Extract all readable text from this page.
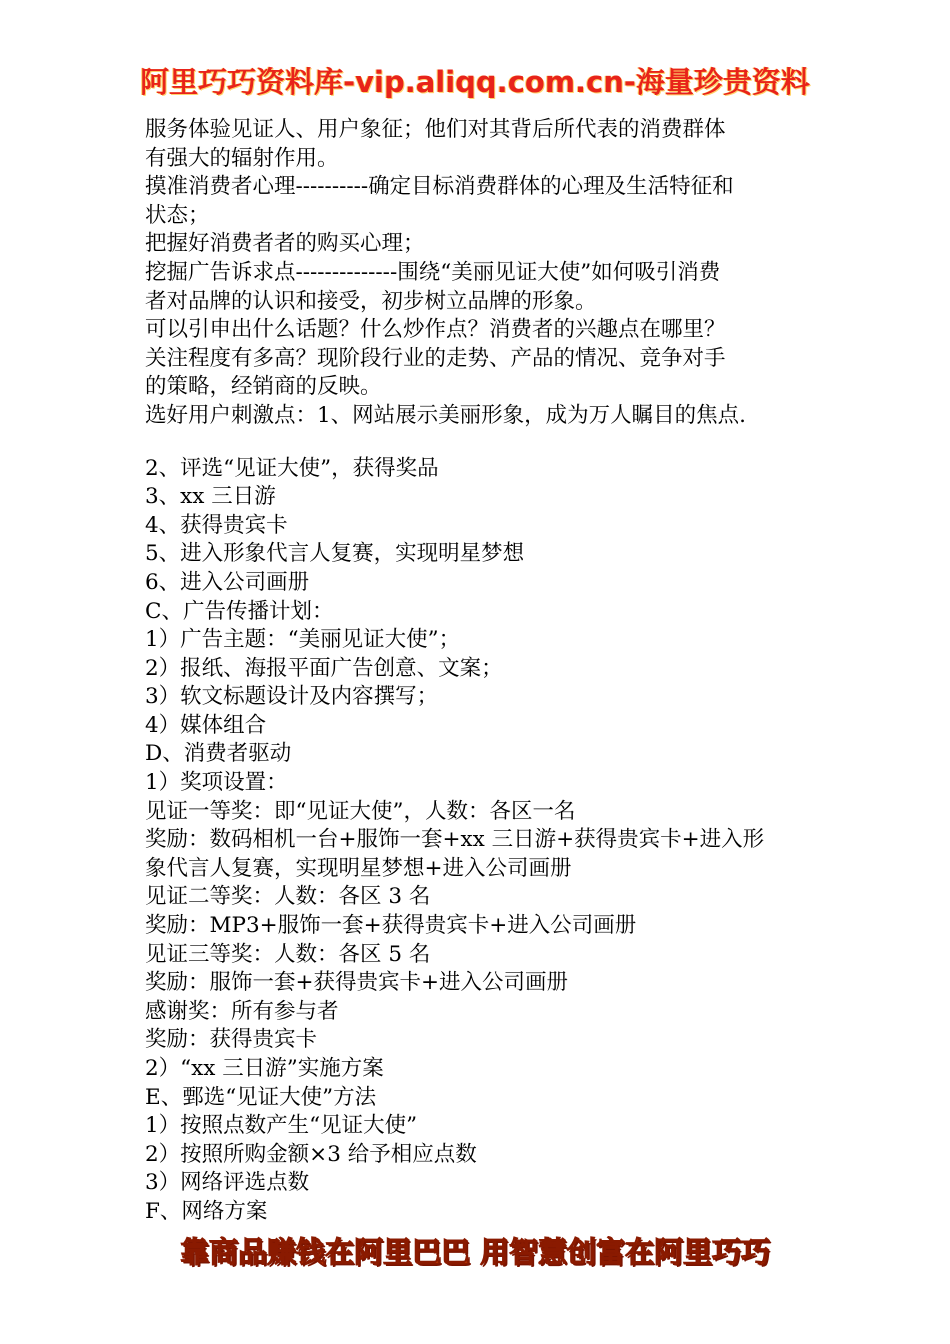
阿里巧巧资料库-vip.aliqq.com.cn-海量珍贵资料
服务体验见证人、用户象征；他们对其背后所代表的消费群体
有强大的辐射作用。
摸准消费者心理----------确定目标消费群体的心理及生活特征和
状态；
把握好消费者者的购买心理；
挖掘广告诉求点--------------围绕“美丽见证大使”如何吸引消费
者对品牌的认识和接受，初步树立品牌的形象。
可以引申出什么话题？什么炒作点？消费者的兴趣点在哪里？
关注程度有多高？现阶段行业的走势、产品的情况、竞争对手
的策略，经销商的反映。
选好用户刺激点：1、网站展示美丽形象，成为万人瞩目的焦点.
2、评选“见证大使”，获得奖品
3、xx 三日游
4、获得贵宾卡
5、进入形象代言人复赛，实现明星梦想
6、进入公司画册
C、广告传播计划：
1）广告主题：“美丽见证大使”；
2）报纸、海报平面广告创意、文案；
3）软文标题设计及内容撰写；
4）媒体组合
D、消费者驱动
1）奖项设置：
见证一等奖：即“见证大使”，人数：各区一名
奖励：数码相机一台+服饰一套+xx 三日游+获得贵宾卡+进入形
象代言人复赛，实现明星梦想+进入公司画册
见证二等奖：人数：各区 3 名
奖励：MP3+服饰一套+获得贵宾卡+进入公司画册
见证三等奖：人数：各区 5 名
奖励：服饰一套+获得贵宾卡+进入公司画册
感谢奖：所有参与者
奖励：获得贵宾卡
2）“xx 三日游”实施方案
E、鄄选“见证大使”方法
1）按照点数产生“见证大使”
2）按照所购金额×3 给予相应点数
3）网络评选点数
F、网络方案
靠商品赚钱在阿里巴巴 用智慧创富在阿里巧巧
